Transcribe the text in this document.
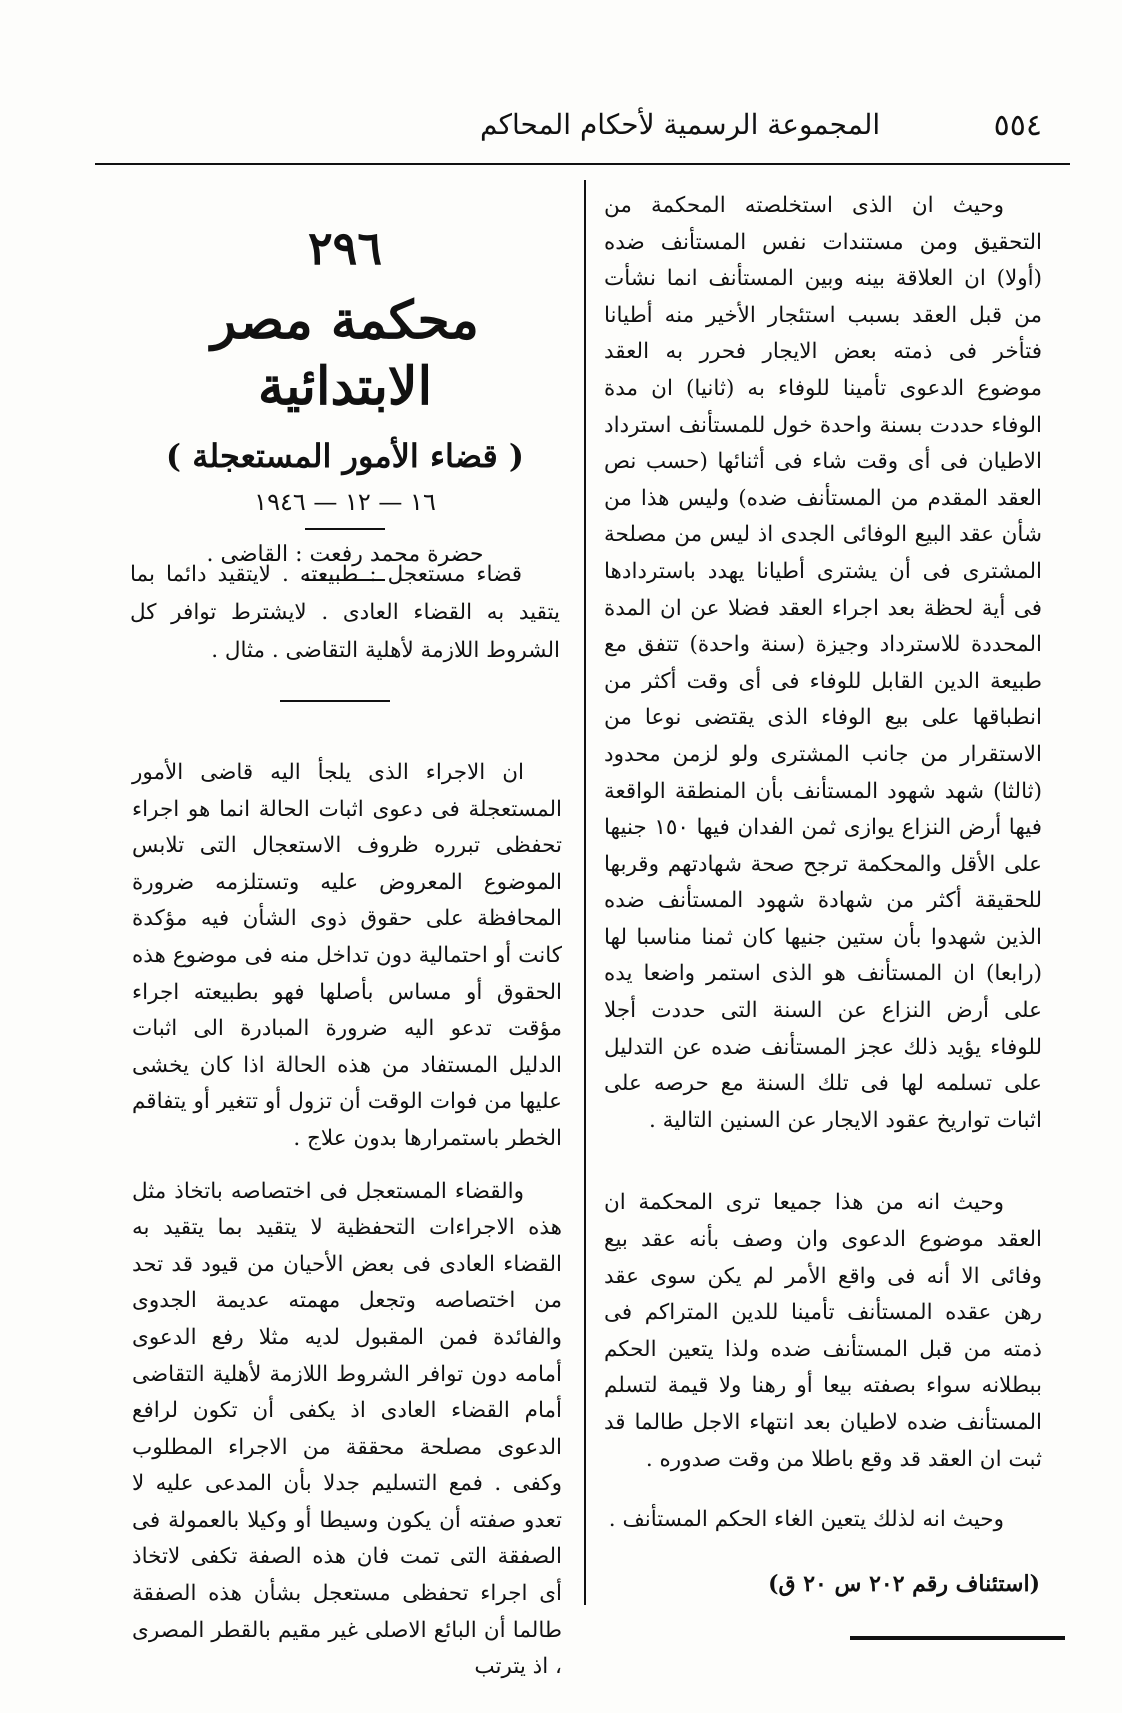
٥٥٤
المجموعة الرسمية لأحكام المحاكم

وحيث ان الذى استخلصته المحكمة من التحقيق ومن مستندات نفس المستأنف ضده (أولا) ان العلاقة بينه وبين المستأنف انما نشأت من قبل العقد بسبب استئجار الأخير منه أطيانا فتأخر فى ذمته بعض الايجار فحرر به العقد موضوع الدعوى تأمينا للوفاء به (ثانيا) ان مدة الوفاء حددت بسنة واحدة خول للمستأنف استرداد الاطيان فى أى وقت شاء فى أثنائها (حسب نص العقد المقدم من المستأنف ضده) وليس هذا من شأن عقد البيع الوفائى الجدى اذ ليس من مصلحة المشترى فى أن يشترى أطيانا يهدد باستردادها فى أية لحظة بعد اجراء العقد فضلا عن ان المدة المحددة للاسترداد وجيزة (سنة واحدة) تتفق مع طبيعة الدين القابل للوفاء فى أى وقت أكثر من انطباقها على بيع الوفاء الذى يقتضى نوعا من الاستقرار من جانب المشترى ولو لزمن محدود (ثالثا) شهد شهود المستأنف بأن المنطقة الواقعة فيها أرض النزاع يوازى ثمن الفدان فيها ١٥٠ جنيها على الأقل والمحكمة ترجح صحة شهادتهم وقربها للحقيقة أكثر من شهادة شهود المستأنف ضده الذين شهدوا بأن ستين جنيها كان ثمنا مناسبا لها (رابعا) ان المستأنف هو الذى استمر واضعا يده على أرض النزاع عن السنة التى حددت أجلا للوفاء يؤيد ذلك عجز المستأنف ضده عن التدليل على تسلمه لها فى تلك السنة مع حرصه على اثبات تواريخ عقود الايجار عن السنين التالية .

وحيث انه من هذا جميعا ترى المحكمة ان العقد موضوع الدعوى وان وصف بأنه عقد بيع وفائى الا أنه فى واقع الأمر لم يكن سوى عقد رهن عقده المستأنف تأمينا للدين المتراكم فى ذمته من قبل المستأنف ضده ولذا يتعين الحكم ببطلانه سواء بصفته بيعا أو رهنا ولا قيمة لتسلم المستأنف ضده لاطيان بعد انتهاء الاجل طالما قد ثبت ان العقد قد وقع باطلا من وقت صدوره .

وحيث انه لذلك يتعين الغاء الحكم المستأنف .

(استئناف رقم ٢٠٢ س ٢٠ ق)
٢٩٦
محكمة مصر الابتدائية
( قضاء الأمور المستعجلة )
١٦ — ١٢ — ١٩٤٦
حضرة محمد رفعت : القاضى .

قضاء مستعجل : طبيعته . لايتقيد دائما بما يتقيد به القضاء العادى . لايشترط توافر كل الشروط اللازمة لأهلية التقاضى . مثال .

ان الاجراء الذى يلجأ اليه قاضى الأمور المستعجلة فى دعوى اثبات الحالة انما هو اجراء تحفظى تبرره ظروف الاستعجال التى تلابس الموضوع المعروض عليه وتستلزمه ضرورة المحافظة على حقوق ذوى الشأن فيه مؤكدة كانت أو احتمالية دون تداخل منه فى موضوع هذه الحقوق أو مساس بأصلها فهو بطبيعته اجراء مؤقت تدعو اليه ضرورة المبادرة الى اثبات الدليل المستفاد من هذه الحالة اذا كان يخشى عليها من فوات الوقت أن تزول أو تتغير أو يتفاقم الخطر باستمرارها بدون علاج .

والقضاء المستعجل فى اختصاصه باتخاذ مثل هذه الاجراءات التحفظية لا يتقيد بما يتقيد به القضاء العادى فى بعض الأحيان من قيود قد تحد من اختصاصه وتجعل مهمته عديمة الجدوى والفائدة فمن المقبول لديه مثلا رفع الدعوى أمامه دون توافر الشروط اللازمة لأهلية التقاضى أمام القضاء العادى اذ يكفى أن تكون لرافع الدعوى مصلحة محققة من الاجراء المطلوب وكفى . فمع التسليم جدلا بأن المدعى عليه لا تعدو صفته أن يكون وسيطا أو وكيلا بالعمولة فى الصفقة التى تمت فان هذه الصفة تكفى لاتخاذ أى اجراء تحفظى مستعجل بشأن هذه الصفقة طالما أن البائع الاصلى غير مقيم بالقطر المصرى ، اذ يترتب
